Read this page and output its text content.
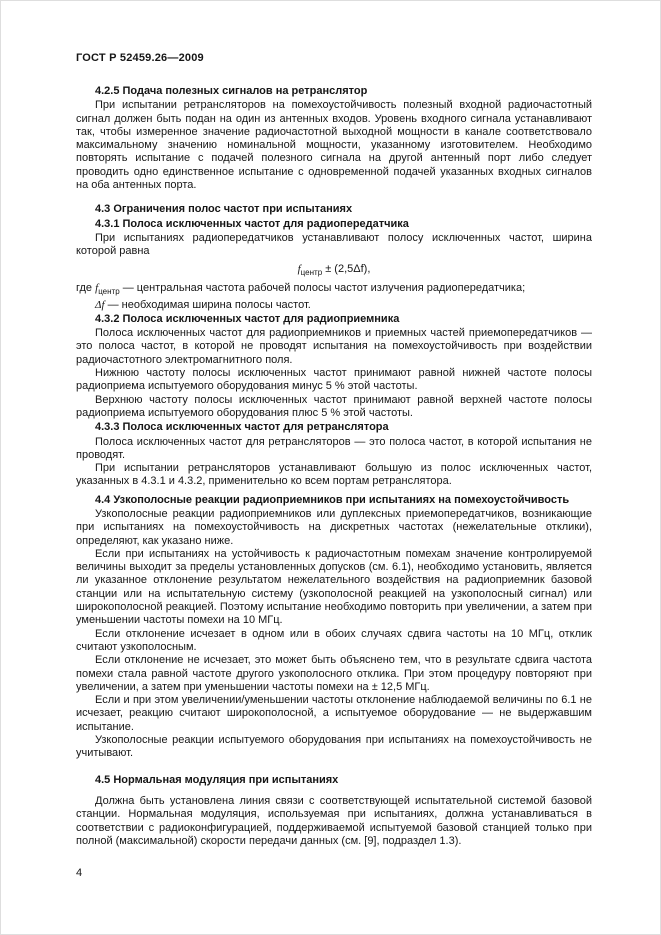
ГОСТ Р 52459.26—2009
4.2.5 Подача полезных сигналов на ретранслятор

При испытании ретрансляторов на помехоустойчивость полезный входной радиочастотный сигнал должен быть подан на один из антенных входов. Уровень входного сигнала устанавливают так, чтобы измеренное значение радиочастотной выходной мощности в канале соответствовало максимальному значению номинальной мощности, указанному изготовителем. Необходимо повторять испытание с подачей полезного сигнала на другой антенный порт либо следует проводить одно единственное испытание с одновременной подачей указанных входных сигналов на оба антенных порта.

4.3 Ограничения полос частот при испытаниях
4.3.1 Полоса исключенных частот для радиопередатчика

При испытаниях радиопередатчиков устанавливают полосу исключенных частот, ширина которой равна

$f_{центр} \pm (2,5\Delta f)$,

где $f_{центр}$ — центральная частота рабочей полосы частот излучения радиопередатчика;

Δf — необходимая ширина полосы частот.

4.3.2 Полоса исключенных частот для радиоприемника

Полоса исключенных частот для радиоприемников и приемных частей приемопередатчиков — это полоса частот, в которой не проводят испытания на помехоустойчивость при воздействии радиочастотного электромагнитного поля.

Нижнюю частоту полосы исключенных частот принимают равной нижней частоте полосы радиоприема испытуемого оборудования минус 5 % этой частоты.

Верхнюю частоту полосы исключенных частот принимают равной верхней частоте полосы радиоприема испытуемого оборудования плюс 5 % этой частоты.

4.3.3 Полоса исключенных частот для ретранслятора

Полоса исключенных частот для ретрансляторов — это полоса частот, в которой испытания не проводят.

При испытании ретрансляторов устанавливают большую из полос исключенных частот, указанных в 4.3.1 и 4.3.2, применительно ко всем портам ретранслятора.

4.4 Узкополосные реакции радиоприемников при испытаниях на помехоустойчивость

Узкополосные реакции радиоприемников или дуплексных приемопередатчиков, возникающие при испытаниях на помехоустойчивость на дискретных частотах (нежелательные отклики), определяют, как указано ниже.

Если при испытаниях на устойчивость к радиочастотным помехам значение контролируемой величины выходит за пределы установленных допусков (см. 6.1), необходимо установить, является ли указанное отклонение результатом нежелательного воздействия на радиоприемник базовой станции или на испытательную систему (узкополосной реакцией на узкополосный сигнал) или широкополосной реакцией. Поэтому испытание необходимо повторить при увеличении, а затем при уменьшении частоты помехи на 10 МГц.

Если отклонение исчезает в одном или в обоих случаях сдвига частоты на 10 МГц, отклик считают узкополосным.

Если отклонение не исчезает, это может быть объяснено тем, что в результате сдвига частота помехи стала равной частоте другого узкополосного отклика. При этом процедуру повторяют при увеличении, а затем при уменьшении частоты помехи на ± 12,5 МГц.

Если и при этом увеличении/уменьшении частоты отклонение наблюдаемой величины по 6.1 не исчезает, реакцию считают широкополосной, а испытуемое оборудование — не выдержавшим испытание.

Узкополосные реакции испытуемого оборудования при испытаниях на помехоустойчивость не учитывают.

4.5 Нормальная модуляция при испытаниях

Должна быть установлена линия связи с соответствующей испытательной системой базовой станции. Нормальная модуляция, используемая при испытаниях, должна устанавливаться в соответствии с радиоконфигурацией, поддерживаемой испытуемой базовой станцией только при полной (максимальной) скорости передачи данных (см. [9], подраздел 1.3).

4
